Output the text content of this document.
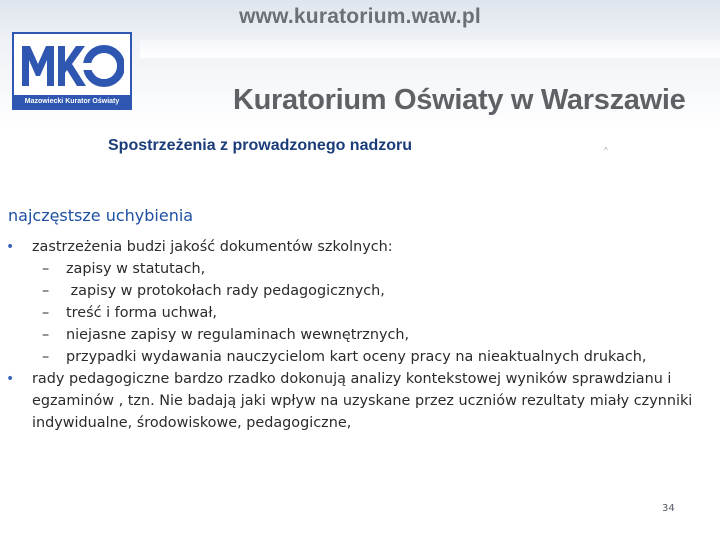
www.kuratorium.waw.pl
Mazowiecki Kurator Oświaty	Kuratorium Oświaty w Warszawie
Spostrzeżenia z prowadzonego nadzoru	^
najczęstsze uchybienia
• zastrzeżenia budzi jakość dokumentów szkolnych:
– zapisy w statutach,
– zapisy w protokołach rady pedagogicznych,
– treść i forma uchwał,
– niejasne zapisy w regulaminach wewnętrznych,
– przypadki wydawania nauczycielom kart oceny pracy na nieaktualnych drukach,
• rady pedagogiczne bardzo rzadko dokonują analizy kontekstowej wyników sprawdzianu i egzaminów , tzn. Nie badają jaki wpływ na uzyskane przez uczniów rezultaty miały czynniki indywidualne, środowiskowe, pedagogiczne,
34
